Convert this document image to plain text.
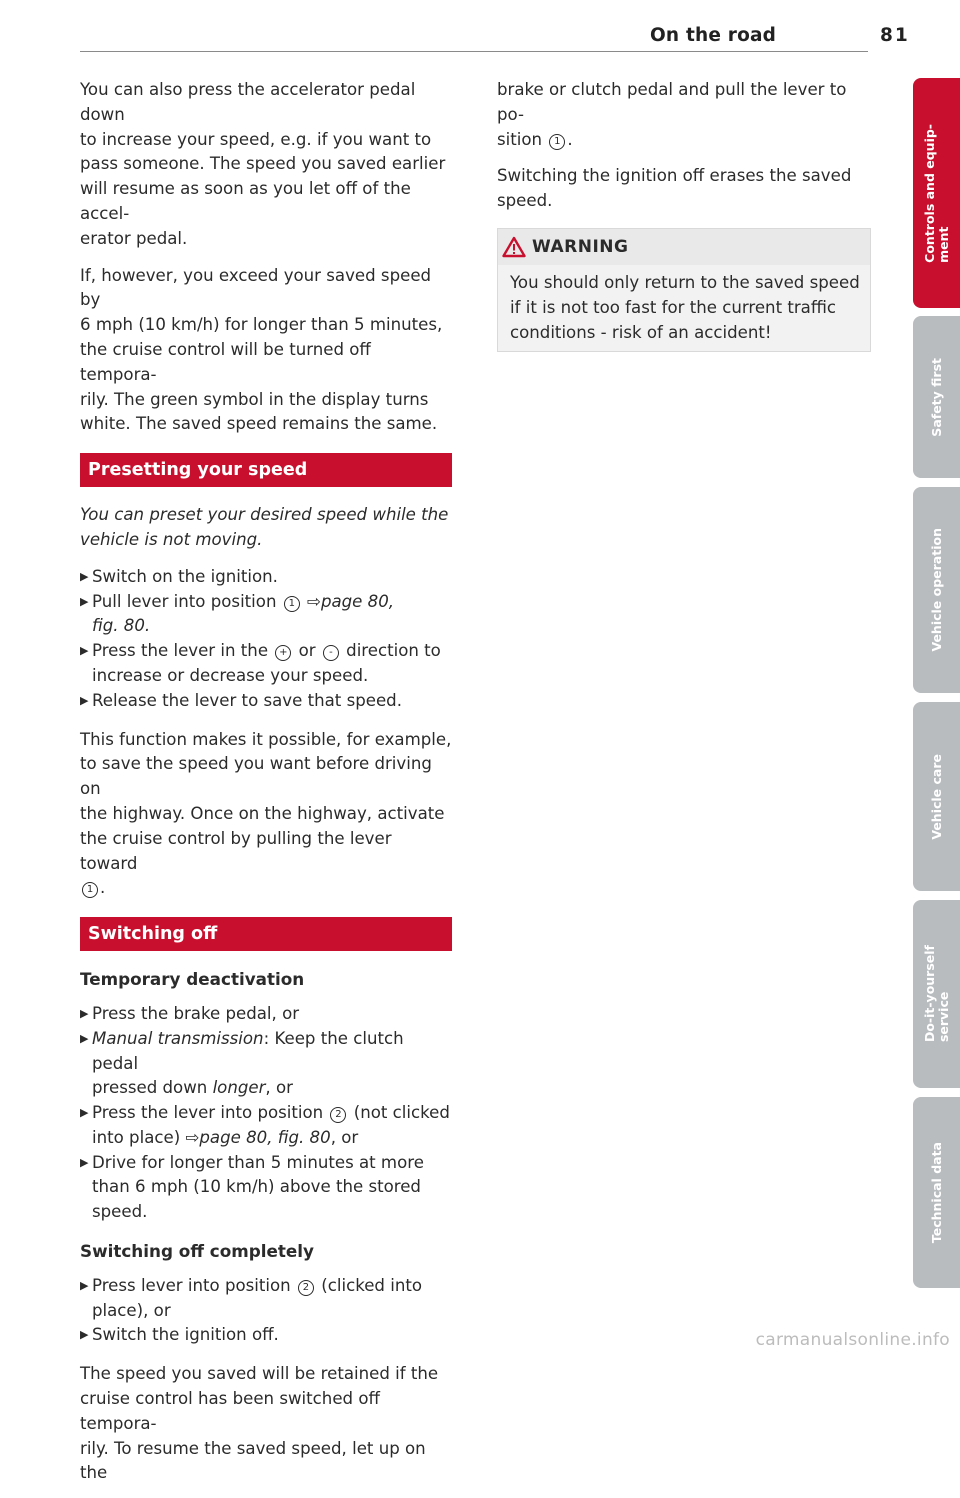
On the road	81

You can also press the accelerator pedal down
to increase your speed, e.g. if you want to
pass someone. The speed you saved earlier
will resume as soon as you let off of the accel-
erator pedal.

If, however, you exceed your saved speed by
6 mph (10 km/h) for longer than 5 minutes,
the cruise control will be turned off tempora-
rily. The green symbol in the display turns
white. The saved speed remains the same.

Presetting your speed

You can preset your desired speed while the
vehicle is not moving.

▶ Switch on the ignition.
▶ Pull lever into position 1 ⇨page 80,
fig. 80.
▶ Press the lever in the + or - direction to
increase or decrease your speed.
▶ Release the lever to save that speed.

This function makes it possible, for example,
to save the speed you want before driving on
the highway. Once on the highway, activate
the cruise control by pulling the lever toward
1 .

Switching off
Temporary deactivation
▶ Press the brake pedal, or
▶ Manual transmission: Keep the clutch pedal
pressed down longer, or
▶ Press the lever into position 2 (not clicked
into place) ⇨page 80, fig. 80, or
▶ Drive for longer than 5 minutes at more
than 6 mph (10 km/h) above the stored
speed.
Switching off completely
▶ Press lever into position 2 (clicked into
place), or
▶ Switch the ignition off.

The speed you saved will be retained if the
cruise control has been switched off tempora-
rily. To resume the saved speed, let up on the

brake or clutch pedal and pull the lever to po-
sition 1 .

Switching the ignition off erases the saved
speed.

WARNING
You should only return to the saved speed
if it is not too fast for the current traffic
conditions - risk of an accident!
Controls and equip-
ment
Safety first
Vehicle operation
Vehicle care
Do-it-yourself
service
Technical data
carmanualsonline.info
